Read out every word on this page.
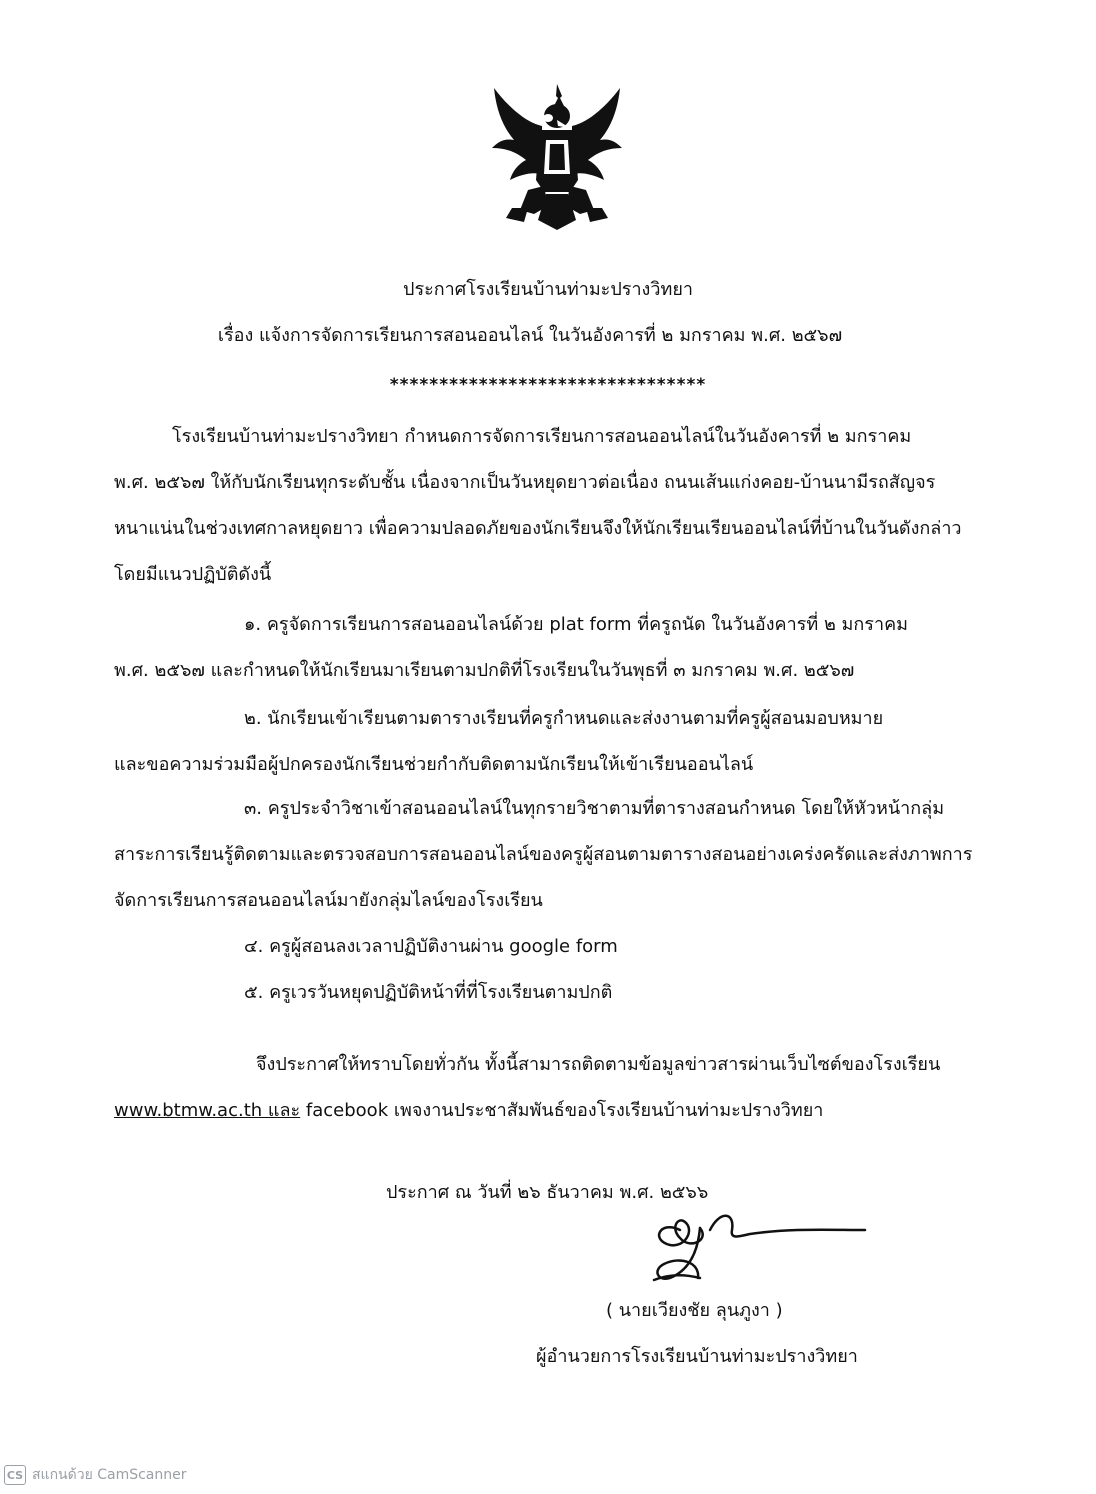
ประกาศโรงเรียนบ้านท่ามะปรางวิทยา
เรื่อง แจ้งการจัดการเรียนการสอนออนไลน์ ในวันอังคารที่ ๒ มกราคม พ.ศ. ๒๕๖๗
********************************
โรงเรียนบ้านท่ามะปรางวิทยา กำหนดการจัดการเรียนการสอนออนไลน์ในวันอังคารที่ ๒ มกราคม
พ.ศ. ๒๕๖๗ ให้กับนักเรียนทุกระดับชั้น เนื่องจากเป็นวันหยุดยาวต่อเนื่อง ถนนเส้นแก่งคอย-บ้านนามีรถสัญจร
หนาแน่นในช่วงเทศกาลหยุดยาว เพื่อความปลอดภัยของนักเรียนจึงให้นักเรียนเรียนออนไลน์ที่บ้านในวันดังกล่าว
โดยมีแนวปฏิบัติดังนี้
๑. ครูจัดการเรียนการสอนออนไลน์ด้วย plat form ที่ครูถนัด ในวันอังคารที่ ๒ มกราคม
พ.ศ. ๒๕๖๗ และกำหนดให้นักเรียนมาเรียนตามปกติที่โรงเรียนในวันพุธที่ ๓ มกราคม พ.ศ. ๒๕๖๗
๒. นักเรียนเข้าเรียนตามตารางเรียนที่ครูกำหนดและส่งงานตามที่ครูผู้สอนมอบหมาย
และขอความร่วมมือผู้ปกครองนักเรียนช่วยกำกับติดตามนักเรียนให้เข้าเรียนออนไลน์
๓. ครูประจำวิชาเข้าสอนออนไลน์ในทุกรายวิชาตามที่ตารางสอนกำหนด โดยให้หัวหน้ากลุ่ม
สาระการเรียนรู้ติดตามและตรวจสอบการสอนออนไลน์ของครูผู้สอนตามตารางสอนอย่างเคร่งครัดและส่งภาพการ
จัดการเรียนการสอนออนไลน์มายังกลุ่มไลน์ของโรงเรียน
๔. ครูผู้สอนลงเวลาปฏิบัติงานผ่าน google form
๕. ครูเวรวันหยุดปฏิบัติหน้าที่ที่โรงเรียนตามปกติ
จึงประกาศให้ทราบโดยทั่วกัน ทั้งนี้สามารถติดตามข้อมูลข่าวสารผ่านเว็บไซต์ของโรงเรียน
www.btmw.ac.th และ facebook เพจงานประชาสัมพันธ์ของโรงเรียนบ้านท่ามะปรางวิทยา
ประกาศ ณ วันที่ ๒๖ ธันวาคม พ.ศ. ๒๕๖๖
( นายเวียงชัย ลุนภูงา )
ผู้อำนวยการโรงเรียนบ้านท่ามะปรางวิทยา
CS สแกนด้วย CamScanner
